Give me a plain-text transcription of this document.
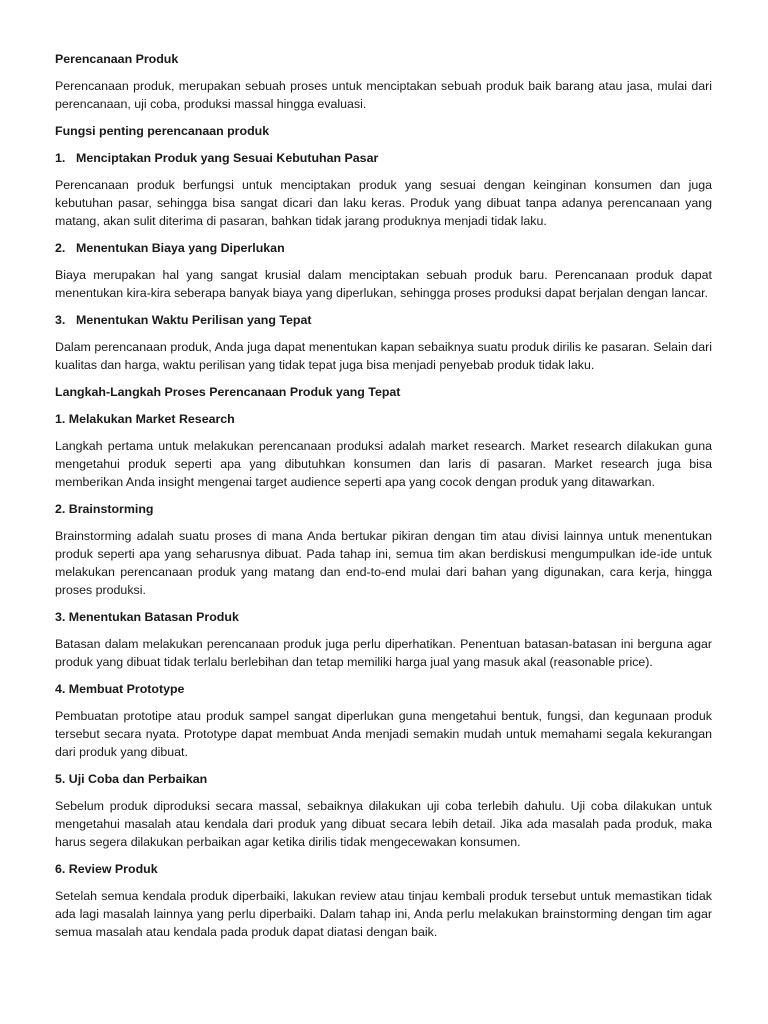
Perencanaan Produk

Perencanaan produk, merupakan sebuah proses untuk menciptakan sebuah produk baik barang atau jasa, mulai dari perencanaan, uji coba, produksi massal hingga evaluasi.

Fungsi penting perencanaan produk

1. Menciptakan Produk yang Sesuai Kebutuhan Pasar

Perencanaan produk berfungsi untuk menciptakan produk yang sesuai dengan keinginan konsumen dan juga kebutuhan pasar, sehingga bisa sangat dicari dan laku keras. Produk yang dibuat tanpa adanya perencanaan yang matang, akan sulit diterima di pasaran, bahkan tidak jarang produknya menjadi tidak laku.

2. Menentukan Biaya yang Diperlukan

Biaya merupakan hal yang sangat krusial dalam menciptakan sebuah produk baru. Perencanaan produk dapat menentukan kira-kira seberapa banyak biaya yang diperlukan, sehingga proses produksi dapat berjalan dengan lancar.

3. Menentukan Waktu Perilisan yang Tepat

Dalam perencanaan produk, Anda juga dapat menentukan kapan sebaiknya suatu produk dirilis ke pasaran. Selain dari kualitas dan harga, waktu perilisan yang tidak tepat juga bisa menjadi penyebab produk tidak laku.

Langkah-Langkah Proses Perencanaan Produk yang Tepat

1. Melakukan Market Research

Langkah pertama untuk melakukan perencanaan produksi adalah market research. Market research dilakukan guna mengetahui produk seperti apa yang dibutuhkan konsumen dan laris di pasaran. Market research juga bisa memberikan Anda insight mengenai target audience seperti apa yang cocok dengan produk yang ditawarkan.

2. Brainstorming

Brainstorming adalah suatu proses di mana Anda bertukar pikiran dengan tim atau divisi lainnya untuk menentukan produk seperti apa yang seharusnya dibuat. Pada tahap ini, semua tim akan berdiskusi mengumpulkan ide-ide untuk melakukan perencanaan produk yang matang dan end-to-end mulai dari bahan yang digunakan, cara kerja, hingga proses produksi.

3. Menentukan Batasan Produk

Batasan dalam melakukan perencanaan produk juga perlu diperhatikan. Penentuan batasan-batasan ini berguna agar produk yang dibuat tidak terlalu berlebihan dan tetap memiliki harga jual yang masuk akal (reasonable price).

4. Membuat Prototype

Pembuatan prototipe atau produk sampel sangat diperlukan guna mengetahui bentuk, fungsi, dan kegunaan produk tersebut secara nyata. Prototype dapat membuat Anda menjadi semakin mudah untuk memahami segala kekurangan dari produk yang dibuat.

5. Uji Coba dan Perbaikan

Sebelum produk diproduksi secara massal, sebaiknya dilakukan uji coba terlebih dahulu. Uji coba dilakukan untuk mengetahui masalah atau kendala dari produk yang dibuat secara lebih detail. Jika ada masalah pada produk, maka harus segera dilakukan perbaikan agar ketika dirilis tidak mengecewakan konsumen.

6. Review Produk

Setelah semua kendala produk diperbaiki, lakukan review atau tinjau kembali produk tersebut untuk memastikan tidak ada lagi masalah lainnya yang perlu diperbaiki. Dalam tahap ini, Anda perlu melakukan brainstorming dengan tim agar semua masalah atau kendala pada produk dapat diatasi dengan baik.
